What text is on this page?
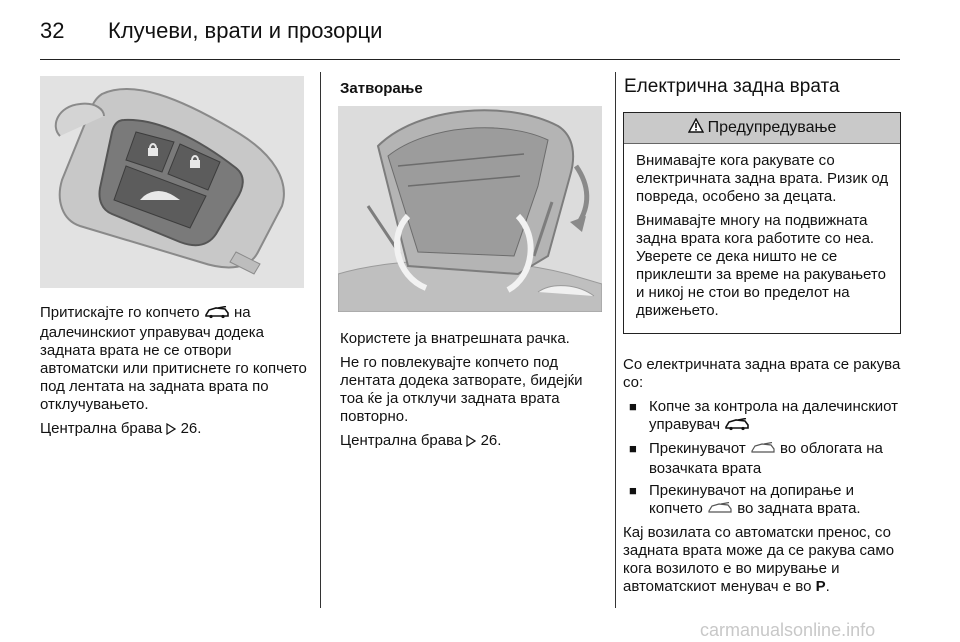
32	Клучеви, врати и прозорци

Притискајте го копчето на далечинскиот управувач додека задната врата не се отвори автоматски или притиснете го копчето под лентата на задната врата по отклучувањето.

Централна брава 26.

Затворање

Користете ја внатрешната рачка.

Не го повлекувајте копчето под лентата додека затворате, бидејќи тоа ќе ја отклучи задната врата повторно.

Централна брава 26.

Електрична задна врата
Предупредување

Внимавајте кога ракувате со електричната задна врата. Ризик од повреда, особено за децата.

Внимавајте многу на подвижната задна врата кога работите со неа. Уверете се дека ништо не се приклешти за време на ракувањето и никој не стои во пределот на движењето.

Со електричната задна врата се ракува со:

■ Копче за контрола на далечинскиот управувач
■ Прекинувачот во облогата на возачката врата
■ Прекинувачот на допирање и копчето во задната врата.

Кај возилата со автоматски пренос, со задната врата може да се ракува само кога возилото е во мирување и автоматскиот менувач е во P.

carmanualsonline.info
